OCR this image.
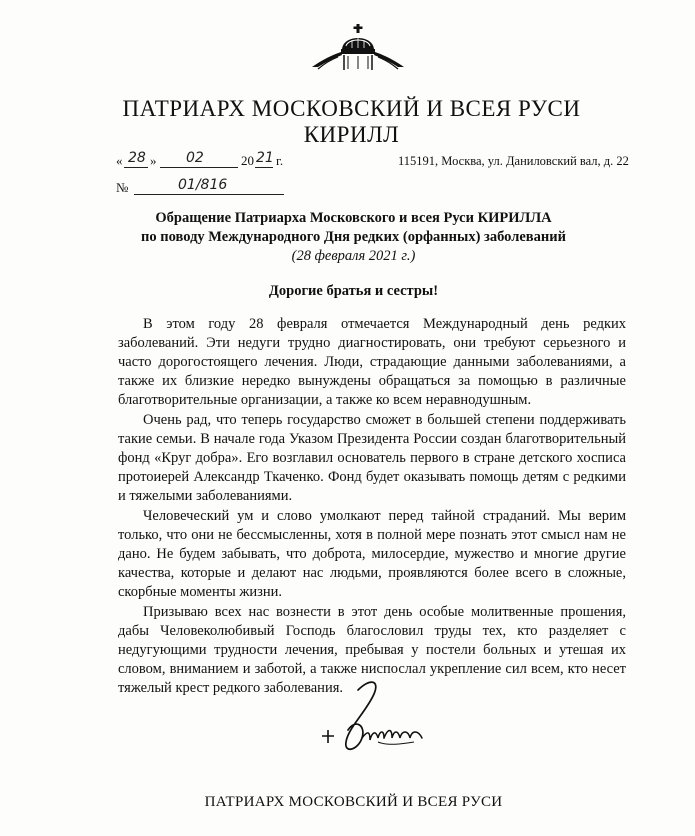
ПАТРИАРХ МОСКОВСКИЙ И ВСЕЯ РУСИ
КИРИЛЛ
« 28 » 02	20 21 г.	115191, Москва, ул. Даниловский вал, д. 22
№	01/816
Обращение Патриарха Московского и всея Руси КИРИЛЛА
по поводу Международного Дня редких (орфанных) заболеваний
(28 февраля 2021 г.)
Дорогие братья и сестры!

В этом году 28 февраля отмечается Международный день редких заболеваний. Эти недуги трудно диагностировать, они требуют серьезного и часто дорогостоящего лечения. Люди, страдающие данными заболеваниями, а также их близкие нередко вынуждены обращаться за помощью в различные благотворительные организации, а также ко всем неравнодушным.

Очень рад, что теперь государство сможет в большей степени поддерживать такие семьи. В начале года Указом Президента России создан благотворительный фонд «Круг добра». Его возглавил основатель первого в стране детского хосписа протоиерей Александр Ткаченко. Фонд будет оказывать помощь детям с редкими и тяжелыми заболеваниями.

Человеческий ум и слово умолкают перед тайной страданий. Мы верим только, что они не бессмысленны, хотя в полной мере познать этот смысл нам не дано. Не будем забывать, что доброта, милосердие, мужество и многие другие качества, которые и делают нас людьми, проявляются более всего в сложные, скорбные моменты жизни.

Призываю всех нас вознести в этот день особые молитвенные прошения, дабы Человеколюбивый Господь благословил труды тех, кто разделяет с недугующими трудности лечения, пребывая у постели больных и утешая их словом, вниманием и заботой, а также ниспослал укрепление сил всем, кто несет тяжелый крест редкого заболевания.

ПАТРИАРХ МОСКОВСКИЙ И ВСЕЯ РУСИ
